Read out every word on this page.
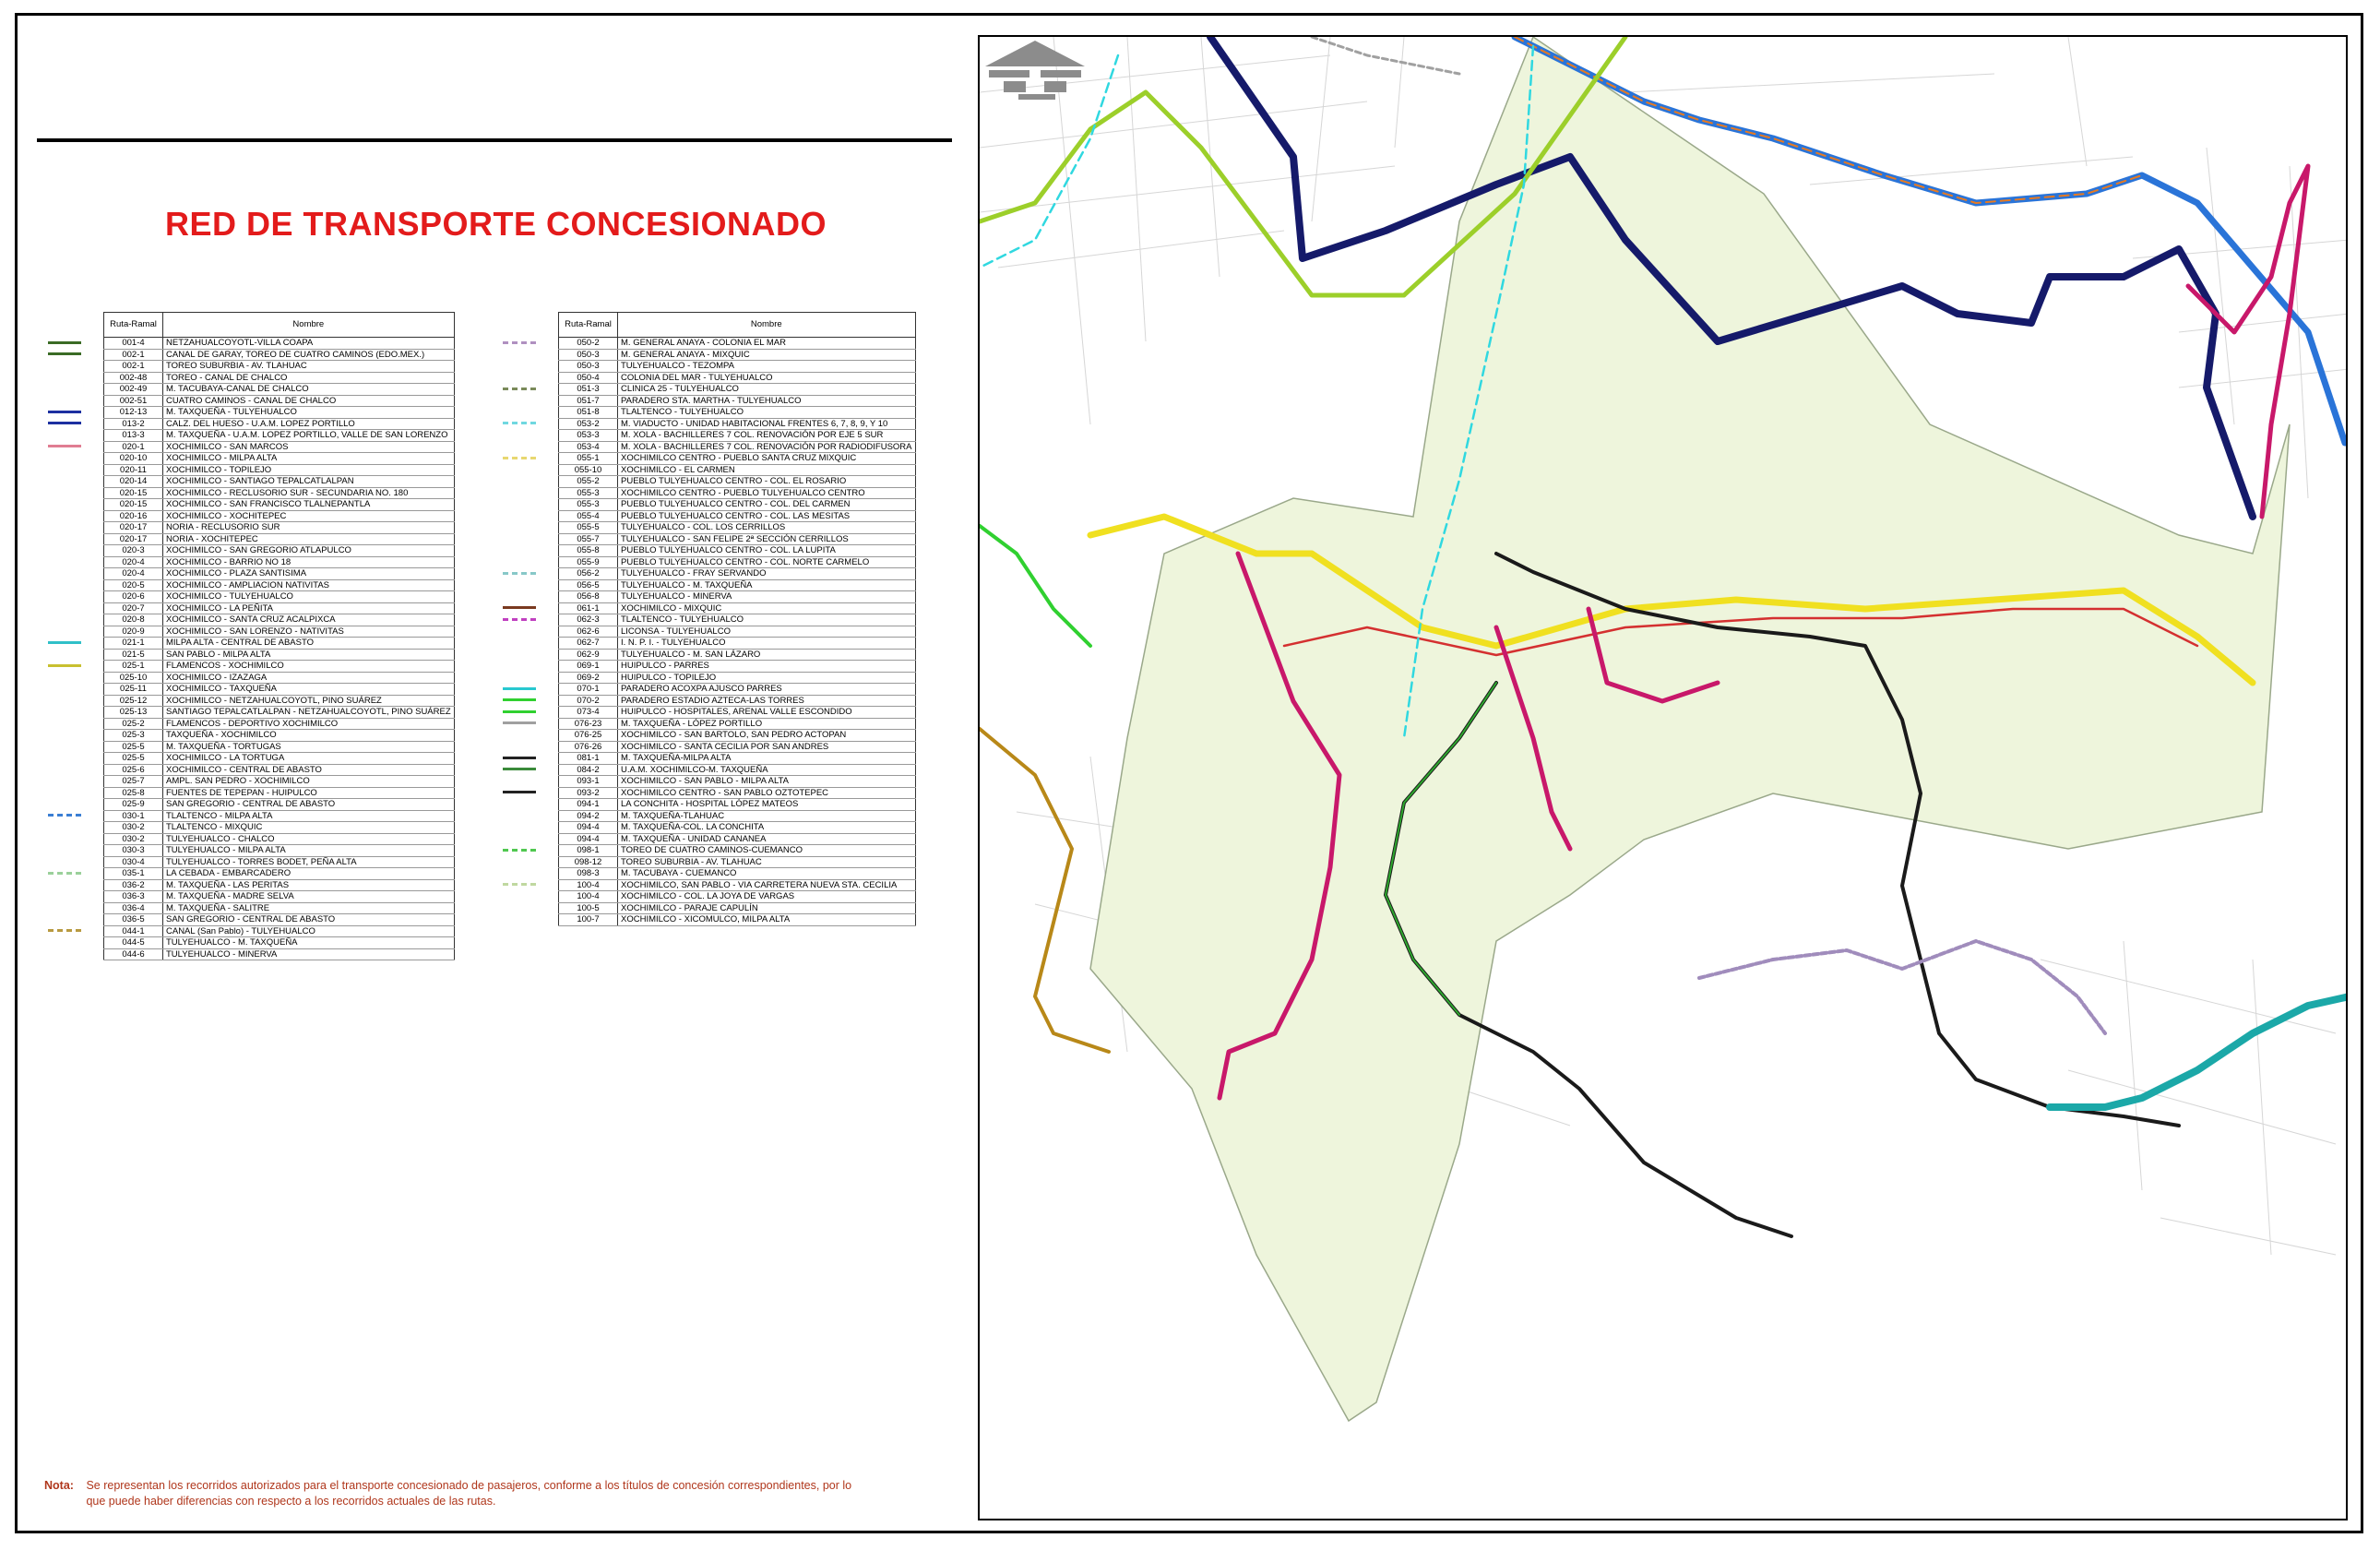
RED DE TRANSPORTE CONCESIONADO
	Ruta-Ramal	Nombre
	001-4	NETZAHUALCOYOTL-VILLA COAPA
	002-1	CANAL DE GARAY, TOREO DE CUATRO CAMINOS (EDO.MEX.)
	002-1	TOREO SUBURBIA - AV. TLAHUAC
	002-48	TOREO - CANAL DE CHALCO
	002-49	M. TACUBAYA-CANAL DE CHALCO
	002-51	CUATRO CAMINOS - CANAL DE CHALCO
	012-13	M. TAXQUEÑA - TULYEHUALCO
	013-2	CALZ. DEL HUESO - U.A.M. LOPEZ PORTILLO
	013-3	M. TAXQUEÑA - U.A.M. LOPEZ PORTILLO, VALLE DE SAN LORENZO
	020-1	XOCHIMILCO - SAN MARCOS
	020-10	XOCHIMILCO - MILPA ALTA
	020-11	XOCHIMILCO - TOPILEJO
	020-14	XOCHIMILCO - SANTIAGO TEPALCATLALPAN
	020-15	XOCHIMILCO - RECLUSORIO SUR - SECUNDARIA NO. 180
	020-15	XOCHIMILCO - SAN FRANCISCO TLALNEPANTLA
	020-16	XOCHIMILCO - XOCHITEPEC
	020-17	NORIA - RECLUSORIO SUR
	020-17	NORIA - XOCHITEPEC
	020-3	XOCHIMILCO - SAN GREGORIO ATLAPULCO
	020-4	XOCHIMILCO - BARRIO NO 18
	020-4	XOCHIMILCO - PLAZA SANTISIMA
	020-5	XOCHIMILCO - AMPLIACION NATIVITAS
	020-6	XOCHIMILCO - TULYEHUALCO
	020-7	XOCHIMILCO - LA PEÑITA
	020-8	XOCHIMILCO - SANTA CRUZ ACALPIXCA
	020-9	XOCHIMILCO - SAN LORENZO - NATIVITAS
	021-1	MILPA ALTA - CENTRAL DE ABASTO
	021-5	SAN PABLO - MILPA ALTA
	025-1	FLAMENCOS - XOCHIMILCO
	025-10	XOCHIMILCO - IZAZAGA
	025-11	XOCHIMILCO - TAXQUEÑA
	025-12	XOCHIMILCO - NETZAHUALCOYOTL, PINO SUÁREZ
	025-13	SANTIAGO TEPALCATLALPAN - NETZAHUALCOYOTL, PINO SUÁREZ
	025-2	FLAMENCOS - DEPORTIVO XOCHIMILCO
	025-3	TAXQUEÑA - XOCHIMILCO
	025-5	M. TAXQUEÑA - TORTUGAS
	025-5	XOCHIMILCO - LA TORTUGA
	025-6	XOCHIMILCO - CENTRAL DE ABASTO
	025-7	AMPL. SAN PEDRO - XOCHIMILCO
	025-8	FUENTES DE TEPEPAN - HUIPULCO
	025-9	SAN GREGORIO - CENTRAL DE ABASTO
	030-1	TLALTENCO - MILPA ALTA
	030-2	TLALTENCO - MIXQUIC
	030-2	TULYEHUALCO - CHALCO
	030-3	TULYEHUALCO - MILPA ALTA
	030-4	TULYEHUALCO - TORRES BODET, PEÑA ALTA
	035-1	LA CEBADA - EMBARCADERO
	036-2	M. TAXQUEÑA - LAS PERITAS
	036-3	M. TAXQUEÑA - MADRE SELVA
	036-4	M. TAXQUEÑA - SALITRE
	036-5	SAN GREGORIO - CENTRAL DE ABASTO
	044-1	CANAL (San Pablo) - TULYEHUALCO
	044-5	TULYEHUALCO - M. TAXQUEÑA
	044-6	TULYEHUALCO - MINERVA
	Ruta-Ramal	Nombre
	050-2	M. GENERAL ANAYA - COLONIA EL MAR
	050-3	M. GENERAL ANAYA - MIXQUIC
	050-3	TULYEHUALCO - TEZOMPA
	050-4	COLONIA DEL MAR - TULYEHUALCO
	051-3	CLINICA 25 - TULYEHUALCO
	051-7	PARADERO STA. MARTHA - TULYEHUALCO
	051-8	TLALTENCO - TULYEHUALCO
	053-2	M. VIADUCTO - UNIDAD HABITACIONAL FRENTES 6, 7, 8, 9, Y 10
	053-3	M. XOLA - BACHILLERES 7 COL. RENOVACIÓN POR EJE 5 SUR
	053-4	M. XOLA - BACHILLERES 7 COL. RENOVACIÓN POR RADIODIFUSORA
	055-1	XOCHIMILCO CENTRO - PUEBLO SANTA CRUZ MIXQUIC
	055-10	XOCHIMILCO - EL CARMEN
	055-2	PUEBLO TULYEHUALCO CENTRO - COL. EL ROSARIO
	055-3	XOCHIMILCO CENTRO - PUEBLO TULYEHUALCO CENTRO
	055-3	PUEBLO TULYEHUALCO CENTRO - COL. DEL CARMEN
	055-4	PUEBLO TULYEHUALCO CENTRO - COL. LAS MESITAS
	055-5	TULYEHUALCO - COL. LOS CERRILLOS
	055-7	TULYEHUALCO - SAN FELIPE 2ª SECCIÓN CERRILLOS
	055-8	PUEBLO TULYEHUALCO CENTRO - COL. LA LUPITA
	055-9	PUEBLO TULYEHUALCO CENTRO - COL. NORTE CARMELO
	056-2	TULYEHUALCO - FRAY SERVANDO
	056-5	TULYEHUALCO - M. TAXQUEÑA
	056-8	TULYEHUALCO - MINERVA
	061-1	XOCHIMILCO - MIXQUIC
	062-3	TLALTENCO - TULYEHUALCO
	062-6	LICONSA - TULYEHUALCO
	062-7	I. N. P. I. - TULYEHUALCO
	062-9	TULYEHUALCO - M. SAN LÁZARO
	069-1	HUIPULCO - PARRES
	069-2	HUIPULCO - TOPILEJO
	070-1	PARADERO ACOXPA AJUSCO PARRES
	070-2	PARADERO ESTADIO AZTECA-LAS TORRES
	073-4	HUIPULCO - HOSPITALES, ARENAL VALLE ESCONDIDO
	076-23	M. TAXQUEÑA - LÓPEZ PORTILLO
	076-25	XOCHIMILCO - SAN BARTOLO, SAN PEDRO ACTOPAN
	076-26	XOCHIMILCO - SANTA CECILIA POR SAN ANDRES
	081-1	M. TAXQUEÑA-MILPA ALTA
	084-2	U.A.M. XOCHIMILCO-M. TAXQUEÑA
	093-1	XOCHIMILCO - SAN PABLO - MILPA ALTA
	093-2	XOCHIMILCO CENTRO - SAN PABLO OZTOTEPEC
	094-1	LA CONCHITA - HOSPITAL LÓPEZ MATEOS
	094-2	M. TAXQUEÑA-TLAHUAC
	094-4	M. TAXQUEÑA-COL. LA CONCHITA
	094-4	M. TAXQUEÑA - UNIDAD CANANEA
	098-1	TOREO DE CUATRO CAMINOS-CUEMANCO
	098-12	TOREO SUBURBIA - AV. TLAHUAC
	098-3	M. TACUBAYA - CUEMANCO
	100-4	XOCHIMILCO, SAN PABLO - VIA CARRETERA NUEVA STA. CECILIA
	100-4	XOCHIMILCO - COL. LA JOYA DE VARGAS
	100-5	XOCHIMILCO - PARAJE CAPULÍN
	100-7	XOCHIMILCO - XICOMULCO, MILPA ALTA
Nota: Se representan los recorridos autorizados para el transporte concesionado de pasajeros, conforme a los títulos de concesión correspondientes, por lo que puede haber diferencias con respecto a los recorridos actuales de las rutas.
